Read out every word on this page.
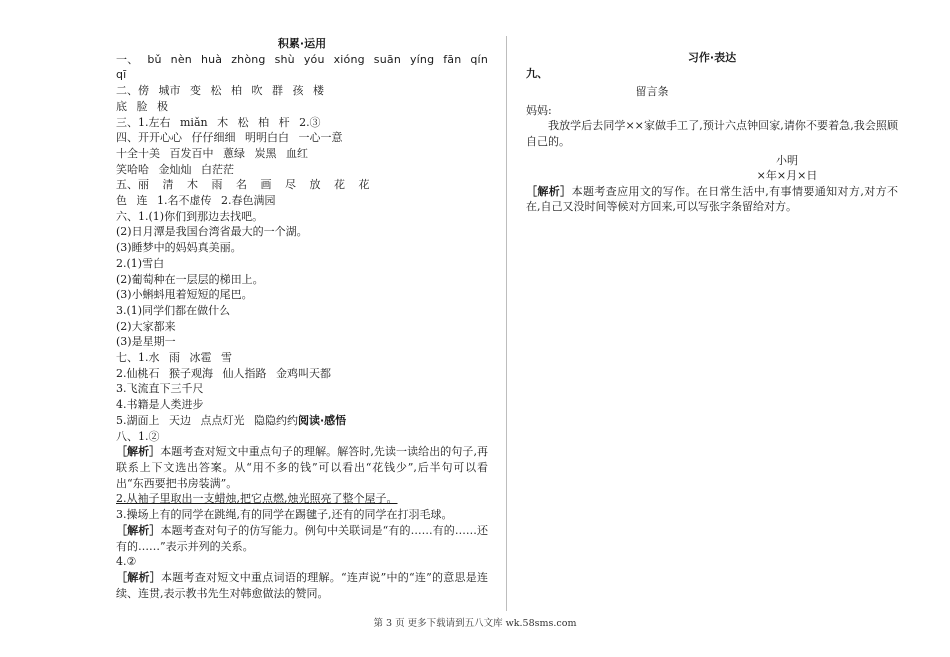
积累·运用
一、 bǔ nèn huà zhòng shù yóu xióng suān yíng fān qín
qī
二、傍 城市 变 松 柏 吹 群 孩 楼
底 脸 极
三、1.左右 miǎn 木 松 柏 杆 2.③
四、开开心心 仔仔细细 明明白白 一心一意
十全十美 百发百中 蔥绿 炭黑 血红
笑哈哈 金灿灿 白茫茫
五、丽 清 木 雨 名 画 尽 放 花 花
色 连 1.名不虚传 2.春色满园
六、1.(1)你们到那边去找吧。
(2)日月潭是我国台湾省最大的一个湖。
(3)睡梦中的妈妈真美丽。
2.(1)雪白
(2)葡萄种在一层层的梯田上。
(3)小蝌蚪甩着短短的尾巴。
3.(1)同学们都在做什么
(2)大家都来
(3)是星期一
七、1.水 雨 冰雹 雪
2.仙桃石 猴子观海 仙人指路 金鸡叫天都
3.飞流直下三千尺
4.书籍是人类进步
5.湖面上 天边 点点灯光 隐隐约约阅读·感悟
八、1.②
［解析］本题考查对短文中重点句子的理解。解答时,先读一读给出的句子,再联系上下文选出答案。从“用不多的钱”可以看出“花钱少”,后半句可以看出“东西要把书房装满”。
2.从袖子里取出一支蜡烛,把它点燃,烛光照亮了整个屋子。
3.操场上有的同学在跳绳,有的同学在踢毽子,还有的同学在打羽毛球。
［解析］本题考查对句子的仿写能力。例句中关联词是“有的……有的……还有的……”表示并列的关系。
4.②
［解析］本题考查对短文中重点词语的理解。“连声说”中的“连”的意思是连续、连贯,表示教书先生对韩愈做法的赞同。
习作·表达
九、
留言条
妈妈:
我放学后去同学××家做手工了,预计六点钟回家,请你不要着急,我会照顾自己的。
小明
×年×月×日
［解析］本题考查应用文的写作。在日常生活中,有事情要通知对方,对方不在,自己又没时间等候对方回来,可以写张字条留给对方。
第 3 页 更多下载请到五八文库 wk.58sms.com
